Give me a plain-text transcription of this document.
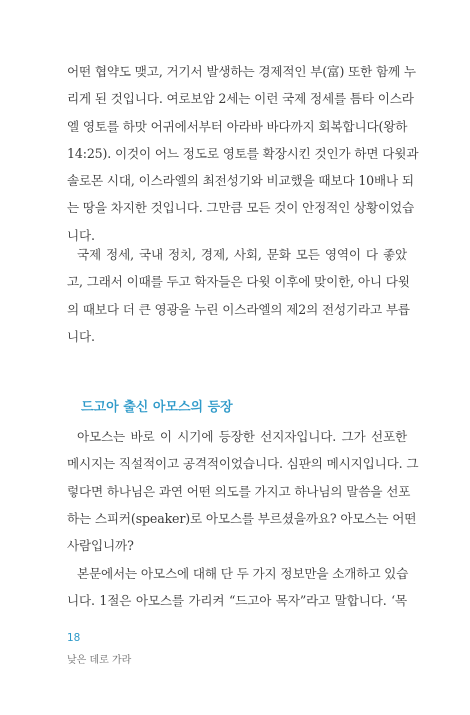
어떤 협약도 맺고, 거기서 발생하는 경제적인 부(富) 또한 함께 누
리게 된 것입니다. 여로보암 2세는 이런 국제 정세를 틈타 이스라
엘 영토를 하맛 어귀에서부터 아라바 바다까지 회복합니다(왕하
14:25). 이것이 어느 정도로 영토를 확장시킨 것인가 하면 다윗과
솔로몬 시대, 이스라엘의 최전성기와 비교했을 때보다 10배나 되
는 땅을 차지한 것입니다. 그만큼 모든 것이 안정적인 상황이었습
니다.
국제 정세, 국내 정치, 경제, 사회, 문화 모든 영역이 다 좋았
고, 그래서 이때를 두고 학자들은 다윗 이후에 맞이한, 아니 다윗
의 때보다 더 큰 영광을 누린 이스라엘의 제2의 전성기라고 부릅
니다.
드고아 출신 아모스의 등장
아모스는 바로 이 시기에 등장한 선지자입니다. 그가 선포한
메시지는 직설적이고 공격적이었습니다. 심판의 메시지입니다. 그
렇다면 하나님은 과연 어떤 의도를 가지고 하나님의 말씀을 선포
하는 스피커(speaker)로 아모스를 부르셨을까요? 아모스는 어떤
사람입니까?
본문에서는 아모스에 대해 단 두 가지 정보만을 소개하고 있습
니다. 1절은 아모스를 가리켜 “드고아 목자”라고 말합니다. ‘목
18
낮은 데로 가라
